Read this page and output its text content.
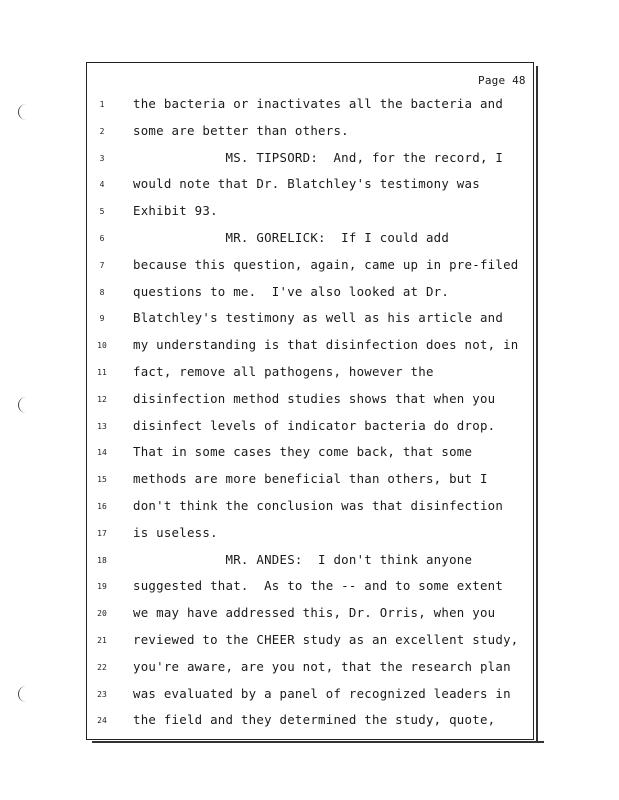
Page 48
1	the bacteria or inactivates all the bacteria and
2	some are better than others.
3	MS. TIPSORD:  And, for the record, I
4	would note that Dr. Blatchley's testimony was
5	Exhibit 93.
6	MR. GORELICK:  If I could add
7	because this question, again, came up in pre-filed
8	questions to me.  I've also looked at Dr.
9	Blatchley's testimony as well as his article and
10	my understanding is that disinfection does not, in
11	fact, remove all pathogens, however the
12	disinfection method studies shows that when you
13	disinfect levels of indicator bacteria do drop.
14	That in some cases they come back, that some
15	methods are more beneficial than others, but I
16	don't think the conclusion was that disinfection
17	is useless.
18	MR. ANDES:  I don't think anyone
19	suggested that.  As to the -- and to some extent
20	we may have addressed this, Dr. Orris, when you
21	reviewed to the CHEER study as an excellent study,
22	you're aware, are you not, that the research plan
23	was evaluated by a panel of recognized leaders in
24	the field and they determined the study, quote,
